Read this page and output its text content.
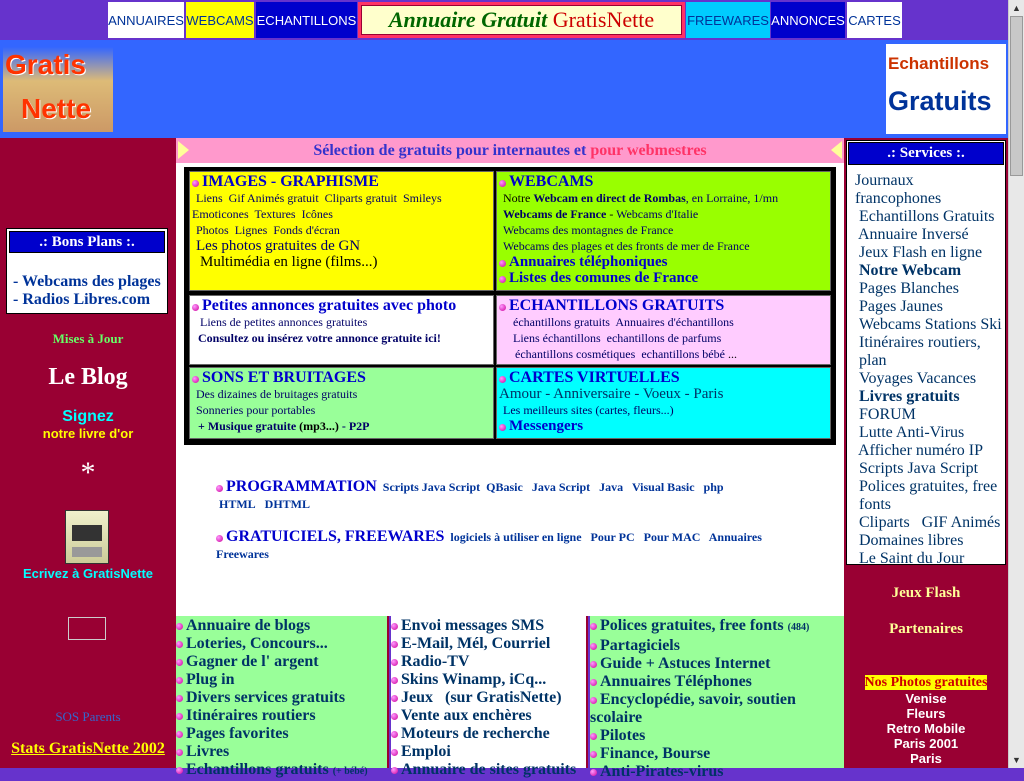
ANNUAIRES WEBCAMS ECHANTILLONS Annuaire Gratuit
GratisNette	FREEWARES ANNONCES CARTES
Gratis
Nette
Echantillons
Gratuits
.: Bons Plans :.
- Webcams des plages
- Radios Libres.com
Mises à Jour
Le Blog
Signez
notre livre d'or
*
Ecrivez à GratisNette
SOS Parents
Stats GratisNette 2002
Sélection de gratuits pour internautes et pour webmestres
IMAGES - GRAPHISME
Liens Gif Animés gratuit Cliparts gratuit Smileys
Emoticones Textures Icônes
Photos Lignes Fonds d'écran
Les photos gratuites de GN
Multimédia en ligne (films...)
WEBCAMS
Notre Webcam en direct de Rombas, en Lorraine, 1/mn
Webcams de France - Webcams d'Italie
Webcams des montagnes de France
Webcams des plages et des fronts de mer de France
Annuaires téléphoniques
Listes des comunes de France
Petites annonces gratuites avec photo
Liens de petites annonces gratuites
Consultez ou insérez votre annonce gratuite ici!
ECHANTILLONS GRATUITS
échantillons gratuits Annuaires d'échantillons
Liens échantillons echantillons de parfums
échantillons cosmétiques echantillons bébé ...
SONS ET BRUITAGES
Des dizaines de bruitages gratuits
Sonneries pour portables
+ Musique gratuite (mp3...) - P2P
CARTES VIRTUELLES
Amour - Anniversaire - Voeux - Paris
Les meilleurs sites (cartes, fleurs...)
Messengers
PROGRAMMATION Scripts Java Script QBasic Java Script Java Visual Basic php
HTML DHTML
GRATUICIELS, FREEWARES logiciels à utiliser en ligne Pour PC Pour MAC Annuaires
Freewares
Annuaire de blogs
Loteries, Concours...
Gagner de l' argent
Plug in
Divers services gratuits
Itinéraires routiers
Pages favorites
Livres
Echantillons gratuits (+ bébé)
Envoi messages SMS
E-Mail, Mél, Courriel
Radio-TV
Skins Winamp, iCq...
Jeux (sur GratisNette)
Vente aux enchères
Moteurs de recherche
Emploi
Annuaire de sites gratuits
Polices gratuites, free fonts (484)
Partagiciels
Guide + Astuces Internet
Annuaires Téléphones
Encyclopédie, savoir, soutien scolaire
Pilotes
Finance, Bourse
Anti-Pirates-virus
.: Services :.
Journaux francophones
Echantillons Gratuits
Annuaire Inversé
Jeux Flash en ligne
Notre Webcam
Pages Blanches
Pages Jaunes
Webcams Stations Ski
Itinéraires routiers, plan
Voyages Vacances
Livres gratuits
FORUM
Lutte Anti-Virus
Afficher numéro IP
Scripts Java Script
Polices gratuites, free fonts
Cliparts GIF Animés
Domaines libres
Le Saint du Jour
Jeux Flash
Partenaires
Nos Photos gratuites
Venise
Fleurs
Retro Mobile
Paris 2001
Paris
▲
▼
